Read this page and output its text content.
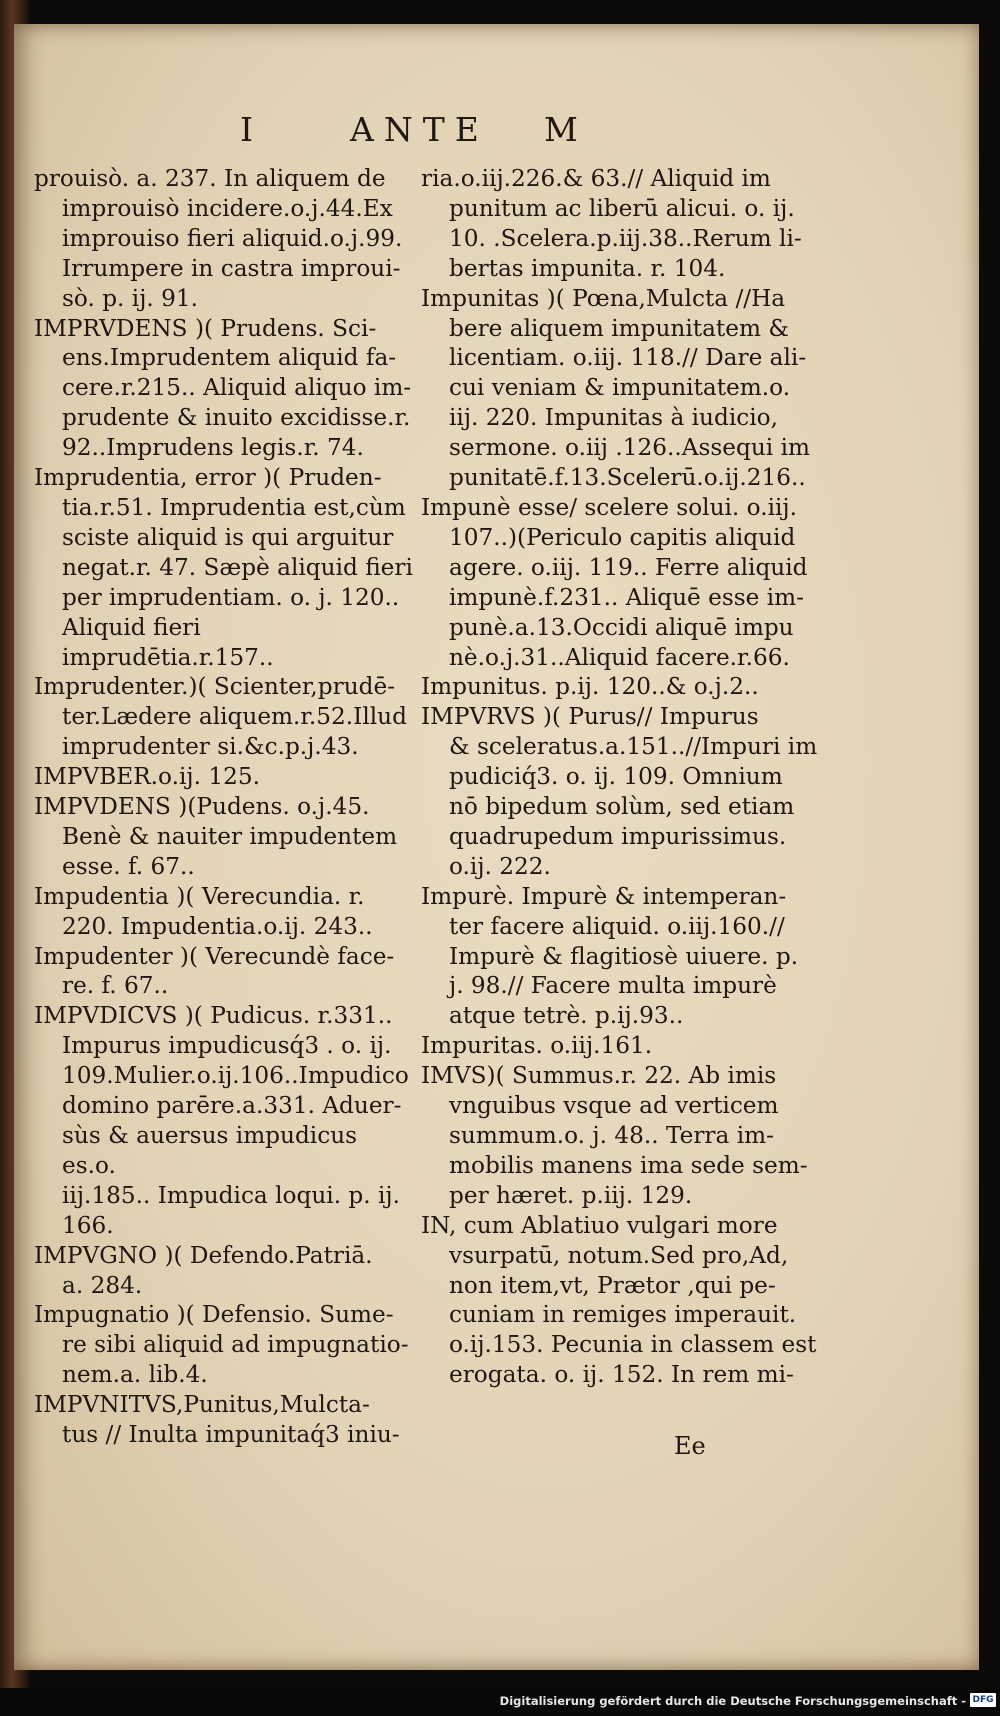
I	ANTE M
prouisò. a. 237. In aliquem de
improuisò incidere.o.j.44.Ex
improuiso fieri aliquid.o.j.99.
Irrumpere in castra improui-
sò. p. ij. 91.
IMPRVDENS )( Prudens. Sci-
ens.Imprudentem aliquid fa-
cere.r.215.. Aliquid aliquo im-
prudente & inuito excidisse.r.
92..Imprudens legis.r. 74.
Imprudentia, error )( Pruden-
tia.r.51. Imprudentia est,cùm
sciste aliquid is qui arguitur
negat.r. 47. Sæpè aliquid fieri
per imprudentiam. o. j. 120..
Aliquid fieri imprudētia.r.157..
Imprudenter.)( Scienter,prudē-
ter.Lædere aliquem.r.52.Illud
imprudenter si.&c.p.j.43.
IMPVBER.o.ij. 125.
IMPVDENS )(Pudens. o.j.45.
Benè & nauiter impudentem
esse. f. 67..
Impudentia )( Verecundia. r.
220. Impudentia.o.ij. 243..
Impudenter )( Verecundè face-
re. f. 67..
IMPVDICVS )( Pudicus. r.331..
Impurus impudicusq́3 . o. ij.
109.Mulier.o.ij.106..Impudico
domino parēre.a.331. Aduer-
sùs & auersus impudicus es.o.
iij.185.. Impudica loqui. p. ij.
166.
IMPVGNO )( Defendo.Patriā.
a. 284.
Impugnatio )( Defensio. Sume-
re sibi aliquid ad impugnatio-
nem.a. lib.4.
IMPVNITVS,Punitus,Mulcta-
tus // Inulta impunitaq́3 iniu-
ria.o.iij.226.& 63.// Aliquid im
punitum ac liberū alicui. o. ij.
10. .Scelera.p.iij.38..Rerum li-
bertas impunita. r. 104.
Impunitas )( Pœna,Mulcta //Ha
bere aliquem impunitatem &
licentiam. o.iij. 118.// Dare ali-
cui veniam & impunitatem.o.
iij. 220. Impunitas à iudicio,
sermone. o.iij .126..Assequi im
punitatē.f.13.Scelerū.o.ij.216..
Impunè esse/ scelere solui. o.iij.
107..)(Periculo capitis aliquid
agere. o.iij. 119.. Ferre aliquid
impunè.f.231.. Aliquē esse im-
punè.a.13.Occidi aliquē impu
nè.o.j.31..Aliquid facere.r.66.
Impunitus. p.ij. 120..& o.j.2..
IMPVRVS )( Purus// Impurus
& sceleratus.a.151..//Impuri im
pudiciq́3. o. ij. 109. Omnium
nō bipedum solùm, sed etiam
quadrupedum impurissimus.
o.ij. 222.
Impurè. Impurè & intemperan-
ter facere aliquid. o.iij.160.//
Impurè & flagitiosè uiuere. p.
j. 98.// Facere multa impurè
atque tetrè. p.ij.93..
Impuritas. o.iij.161.
IMVS)( Summus.r. 22. Ab imis
vnguibus vsque ad verticem
summum.o. j. 48.. Terra im-
mobilis manens ima sede sem-
per hæret. p.iij. 129.
IN, cum Ablatiuo vulgari more
vsurpatū, notum.Sed pro,Ad,
non item,vt, Prætor ,qui pe-
cuniam in remiges imperauit.
o.ij.153. Pecunia in classem est
erogata. o. ij. 152. In rem mi-
Ee
Digitalisierung gefördert durch die Deutsche Forschungsgemeinschaft - DFG
